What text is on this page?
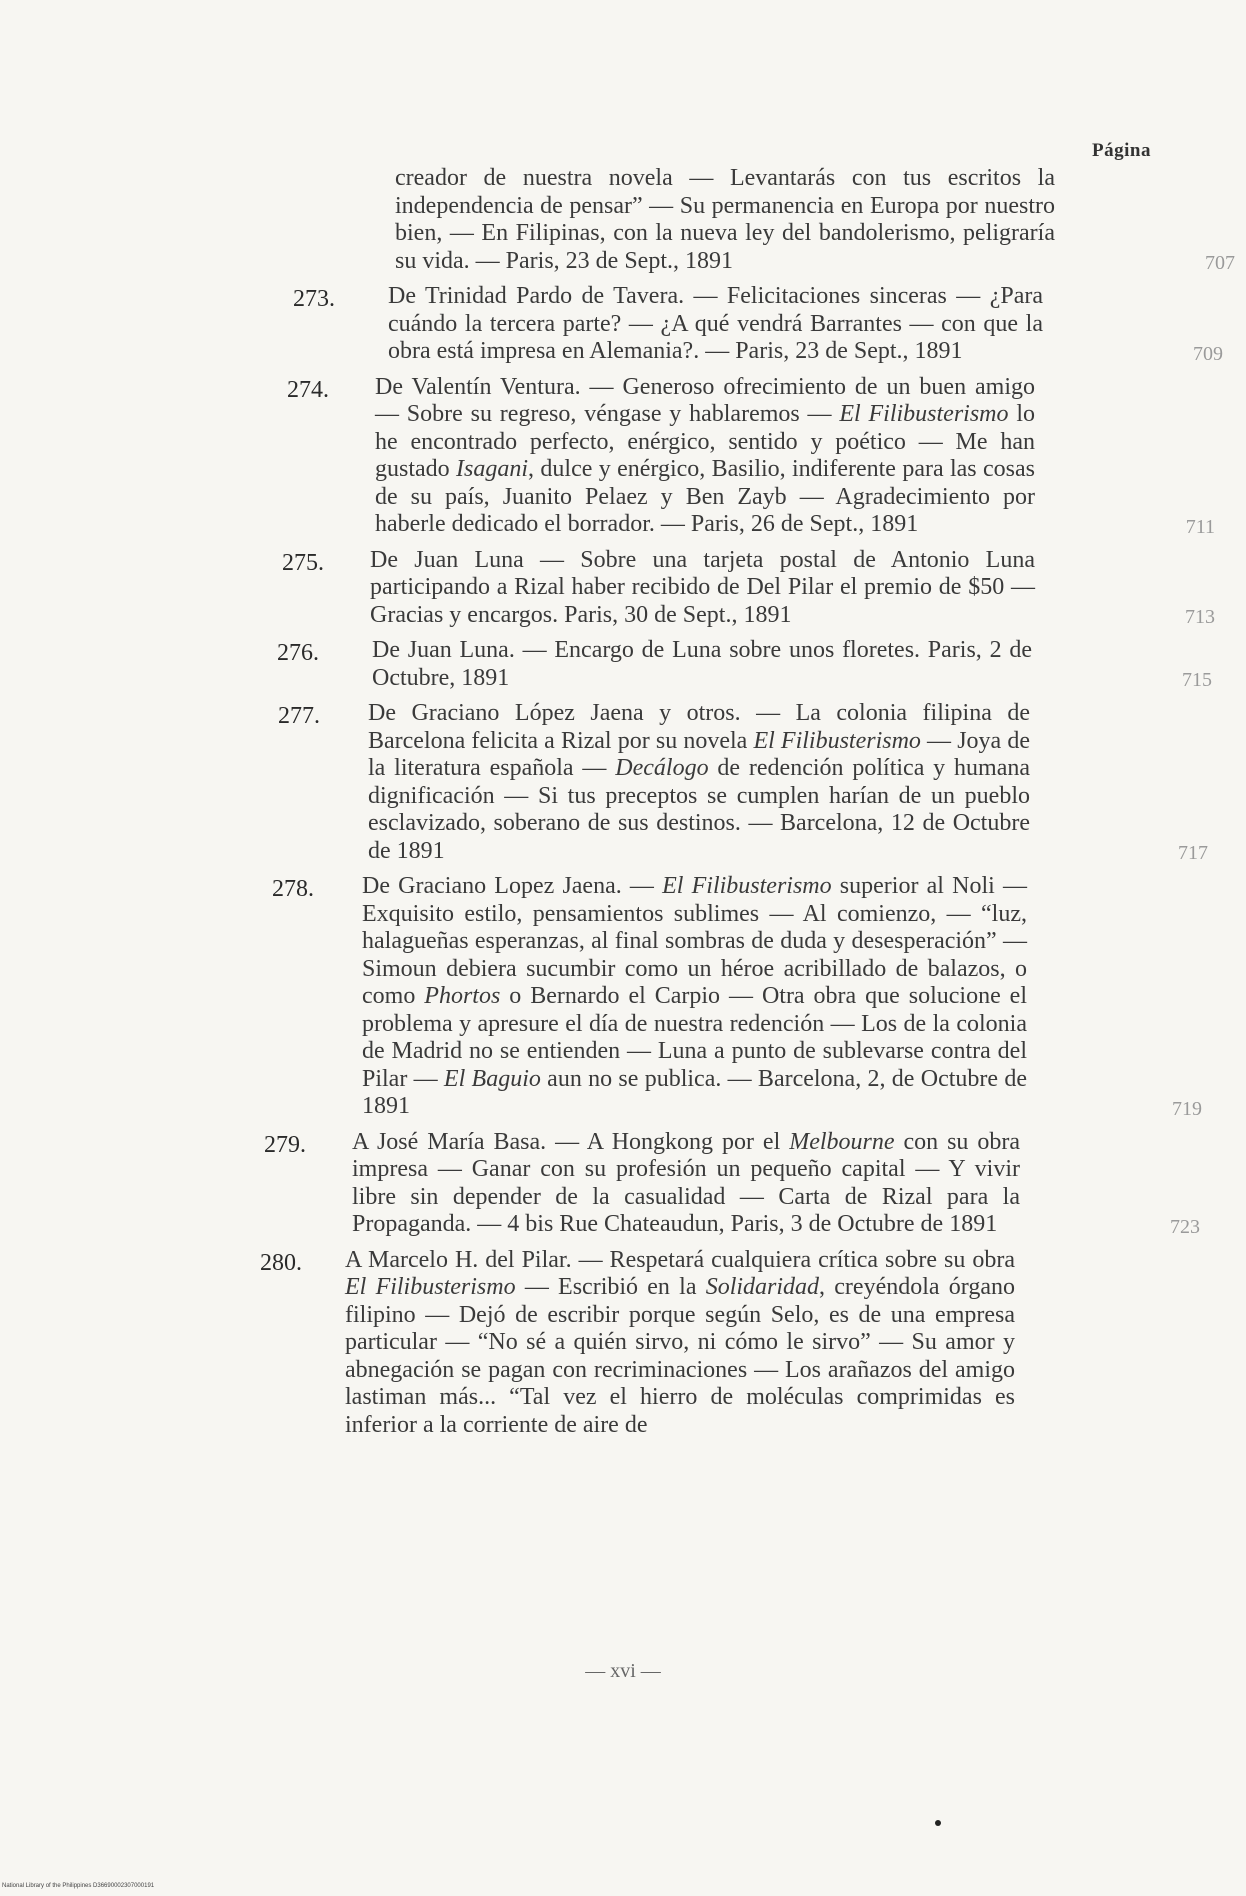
Página
creador de nuestra novela — Levantarás con tus escritos la independencia de pensar” — Su permanencia en Europa por nuestro bien, — En Filipinas, con la nueva ley del bandolerismo, peligraría su vida. — Paris, 23 de Sept., 1891	707
273. De Trinidad Pardo de Tavera. — Felicitaciones sinceras — ¿Para cuándo la tercera parte? — ¿A qué vendrá Barrantes — con que la obra está impresa en Alemania?. — Paris, 23 de Sept., 1891	709
274. De Valentín Ventura. — Generoso ofrecimiento de un buen amigo — Sobre su regreso, véngase y hablaremos — El Filibusterismo lo he encontrado perfecto, enérgico, sentido y poético — Me han gustado Isagani, dulce y enérgico, Basilio, indiferente para las cosas de su país, Juanito Pelaez y Ben Zayb — Agradecimiento por haberle dedicado el borrador. — Paris, 26 de Sept., 1891	711
275. De Juan Luna — Sobre una tarjeta postal de Antonio Luna participando a Rizal haber recibido de Del Pilar el premio de $50 — Gracias y encargos. Paris, 30 de Sept., 1891	713
276. De Juan Luna. — Encargo de Luna sobre unos floretes. Paris, 2 de Octubre, 1891	715
277. De Graciano López Jaena y otros. — La colonia filipina de Barcelona felicita a Rizal por su novela El Filibusterismo — Joya de la literatura española — Decálogo de redención política y humana dignificación — Si tus preceptos se cumplen harían de un pueblo esclavizado, soberano de sus destinos. — Barcelona, 12 de Octubre de 1891	717
278. De Graciano Lopez Jaena. — El Filibusterismo superior al Noli — Exquisito estilo, pensamientos sublimes — Al comienzo, — “luz, halagueñas esperanzas, al final sombras de duda y desesperación” — Simoun debiera sucumbir como un héroe acribillado de balazos, o como Phortos o Bernardo el Carpio — Otra obra que solucione el problema y apresure el día de nuestra redención — Los de la colonia de Madrid no se entienden — Luna a punto de sublevarse contra del Pilar — El Baguio aun no se publica. — Barcelona, 2, de Octubre de 1891	719
279. A José María Basa. — A Hongkong por el Melbourne con su obra impresa — Ganar con su profesión un pequeño capital — Y vivir libre sin depender de la casualidad — Carta de Rizal para la Propaganda. — 4 bis Rue Chateaudun, Paris, 3 de Octubre de 1891	723
280. A Marcelo H. del Pilar. — Respetará cualquiera crítica sobre su obra El Filibusterismo — Escribió en la Solidaridad, creyéndola órgano filipino — Dejó de escribir porque según Selo, es de una empresa particular — “No sé a quién sirvo, ni cómo le sirvo” — Su amor y abnegación se pagan con recriminaciones — Los arañazos del amigo lastiman más... “Tal vez el hierro de moléculas comprimidas es inferior a la corriente de aire de
— xvi —
National Library of the Philippines D36690002307000191
